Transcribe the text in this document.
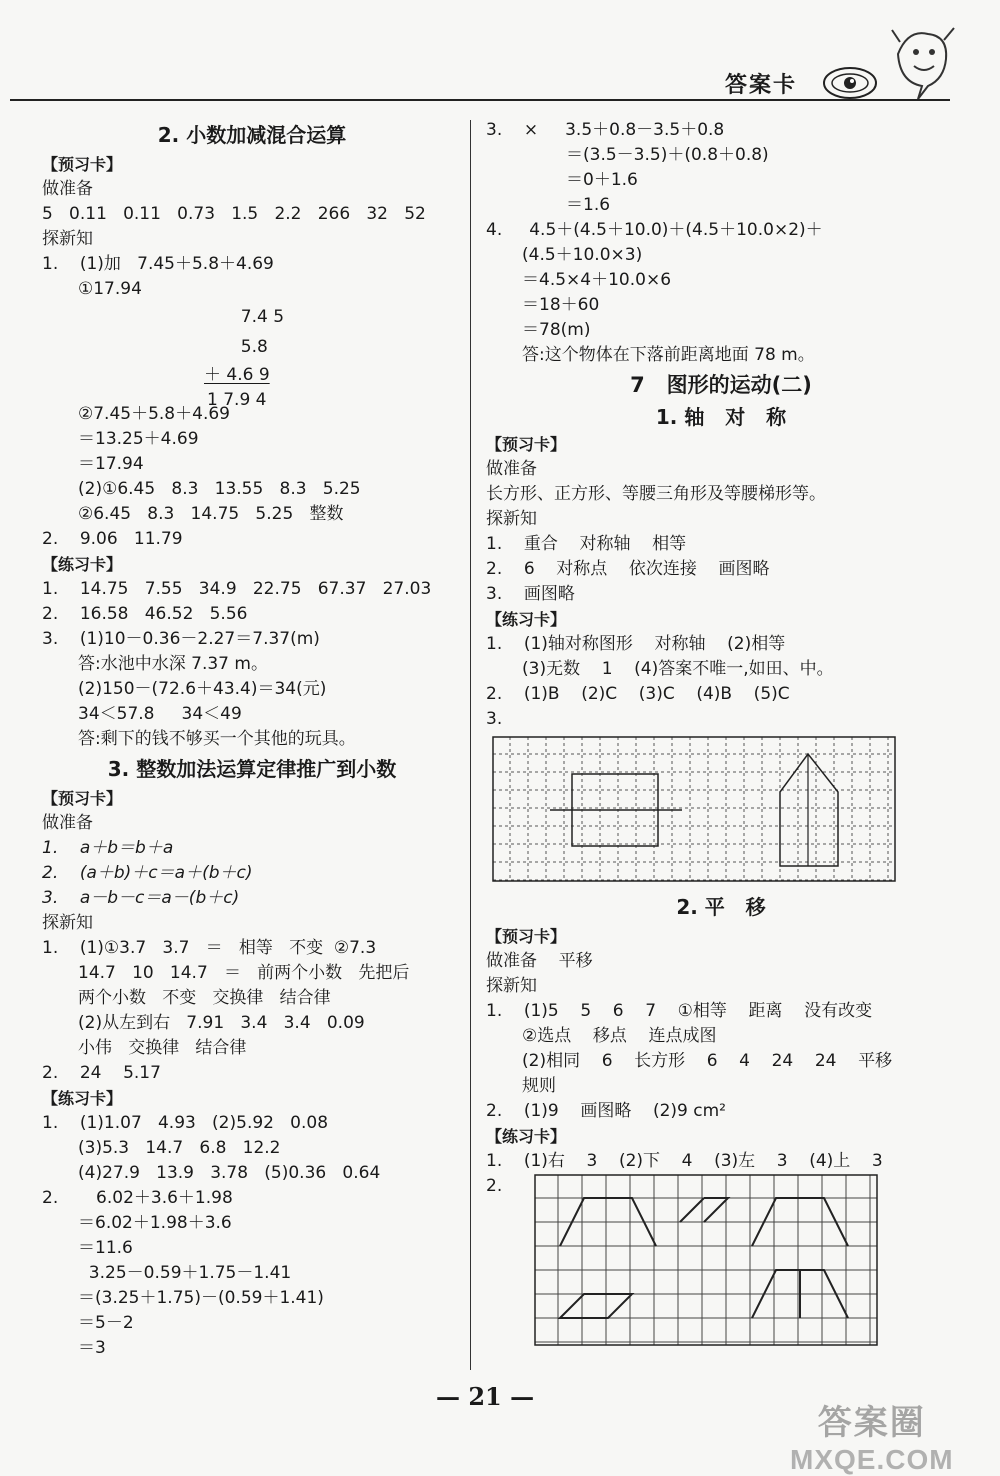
答案卡
2. 小数加减混合运算
【预习卡】
做准备
5   0.11   0.11   0.73   1.5   2.2   266   32   52
探新知
1.    (1)加   7.45＋5.8＋4.69
①17.94
7.4 5
5.8
＋ 4.6 9
1 7.9 4
②7.45＋5.8＋4.69
＝13.25＋4.69
＝17.94
(2)①6.45   8.3   13.55   8.3   5.25
②6.45   8.3   14.75   5.25   整数
2.    9.06   11.79
【练习卡】
1.    14.75   7.55   34.9   22.75   67.37   27.03
2.    16.58   46.52   5.56
3.    (1)10－0.36－2.27＝7.37(m)
答:水池中水深 7.37 m。
(2)150－(72.6＋43.4)＝34(元)
34＜57.8     34＜49
答:剩下的钱不够买一个其他的玩具。
3. 整数加法运算定律推广到小数
【预习卡】
做准备
1.    a＋b＝b＋a
2.    (a＋b)＋c＝a＋(b＋c)
3.    a－b－c＝a－(b＋c)
探新知
1.    (1)①3.7   3.7   ＝   相等   不变  ②7.3
14.7   10   14.7   ＝   前两个小数   先把后
两个小数   不变   交换律   结合律
(2)从左到右   7.91   3.4   3.4   0.09
小伟   交换律   结合律
2.    24    5.17
【练习卡】
1.    (1)1.07   4.93   (2)5.92   0.08
(3)5.3   14.7   6.8   12.2
(4)27.9   13.9   3.78   (5)0.36   0.64
2.       6.02＋3.6＋1.98
＝6.02＋1.98＋3.6
＝11.6
3.25－0.59＋1.75－1.41
＝(3.25＋1.75)－(0.59＋1.41)
＝5－2
＝3
3.    ×     3.5＋0.8－3.5＋0.8
＝(3.5－3.5)＋(0.8＋0.8)
＝0＋1.6
＝1.6
4.     4.5＋(4.5＋10.0)＋(4.5＋10.0×2)＋
(4.5＋10.0×3)
＝4.5×4＋10.0×6
＝18＋60
＝78(m)
答:这个物体在下落前距离地面 78 m。
7   图形的运动(二)
1. 轴   对   称
【预习卡】
做准备
长方形、正方形、等腰三角形及等腰梯形等。
探新知
1.    重合    对称轴    相等
2.    6    对称点    依次连接    画图略
3.    画图略
【练习卡】
1.    (1)轴对称图形    对称轴    (2)相等
(3)无数    1    (4)答案不唯一,如田、中。
2.    (1)B    (2)C    (3)C    (4)B    (5)C
3.
2. 平   移
【预习卡】
做准备    平移
探新知
1.    (1)5    5    6    7    ①相等    距离    没有改变
②选点    移点    连点成图
(2)相同    6    长方形    6    4    24    24    平移
规则
2.    (1)9    画图略    (2)9 cm²
【练习卡】
1.    (1)右    3    (2)下    4    (3)左    3    (4)上    3
2.
— 21 —
答案圈
MXQE.COM
